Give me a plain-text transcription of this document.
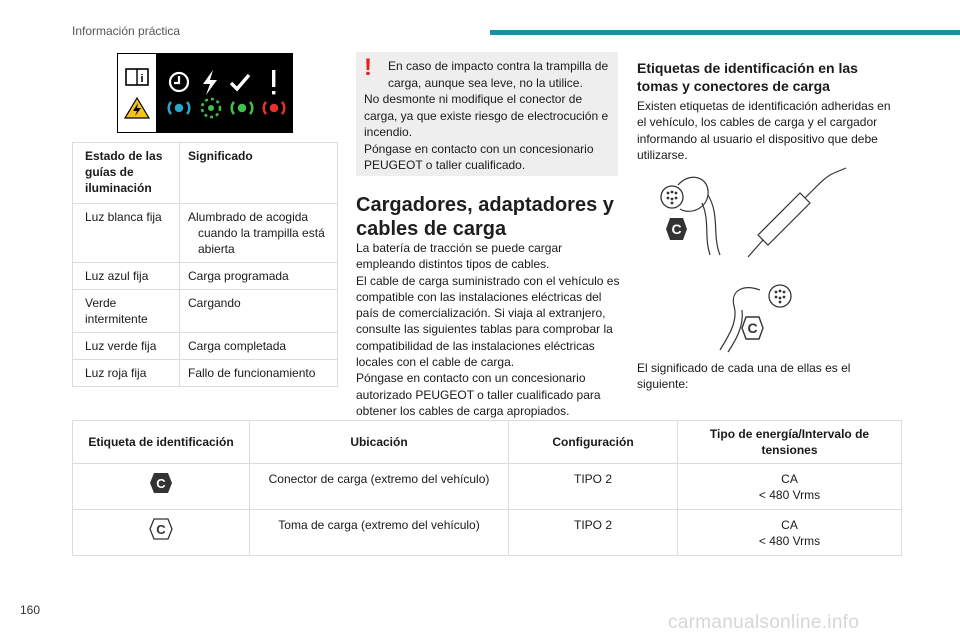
Información práctica
i
Estado de las guías de iluminación	Significado
Luz blanca fija	Alumbrado de acogida cuando la trampilla está abierta
Luz azul fija	Carga programada
Verde intermitente	Cargando
Luz verde fija	Carga completada
Luz roja fija	Fallo de funcionamiento
! En caso de impacto contra la trampilla de carga, aunque sea leve, no la utilice.
No desmonte ni modifique el conector de carga, ya que existe riesgo de electrocución e incendio.
Póngase en contacto con un concesionario PEUGEOT o taller cualificado.
Cargadores, adaptadores y cables de carga
La batería de tracción se puede cargar empleando distintos tipos de cables.
El cable de carga suministrado con el vehículo es compatible con las instalaciones eléctricas del país de comercialización. Si viaja al extranjero, consulte las siguientes tablas para comprobar la compatibilidad de las instalaciones eléctricas locales con el cable de carga.
Póngase en contacto con un concesionario autorizado PEUGEOT o taller cualificado para obtener los cables de carga apropiados.
Etiquetas de identificación en las tomas y conectores de carga
Existen etiquetas de identificación adheridas en el vehículo, los cables de carga y el cargador informando al usuario el dispositivo que debe utilizarse.
C
C
El significado de cada una de ellas es el siguiente:
Etiqueta de identificación	Ubicación	Configuración	Tipo de energía/Intervalo de tensiones

C	Conector de carga (extremo del vehículo)	TIPO 2	CA
< 480 Vrms

C	Toma de carga (extremo del vehículo)	TIPO 2	CA
< 480 Vrms
160
carmanualsonline.info
